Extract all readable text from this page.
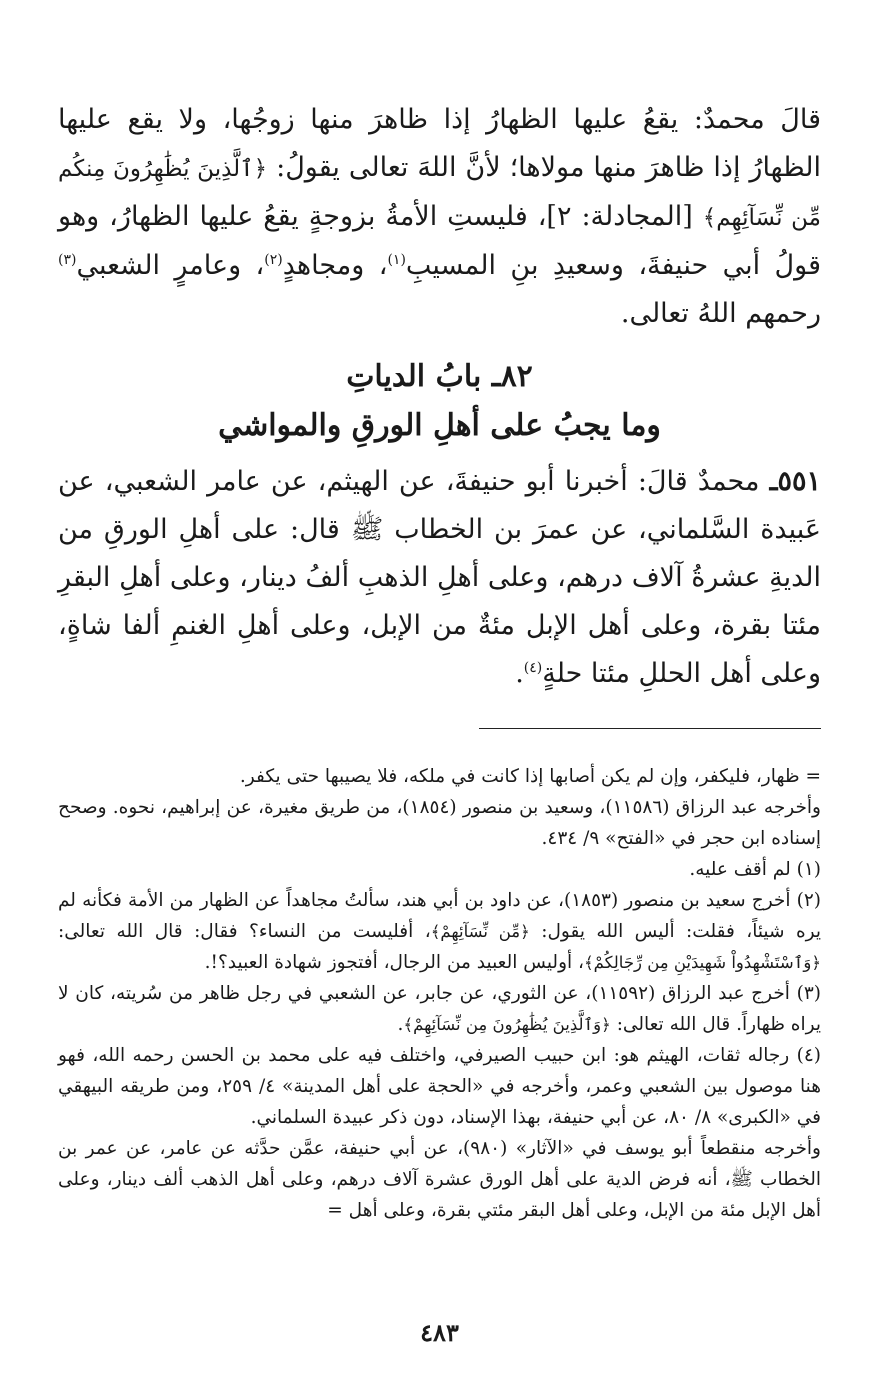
قالَ محمدٌ: يقعُ عليها الظهارُ إذا ظاهرَ منها زوجُها، ولا يقع عليها الظهارُ إذا ظاهرَ منها مولاها؛ لأنَّ اللهَ تعالى يقولُ: ﴿ٱلَّذِينَ يُظَٰهِرُونَ مِنكُم مِّن نِّسَآئِهِم﴾ [المجادلة: ٢]، فليستِ الأمةُ بزوجةٍ يقعُ عليها الظهارُ، وهو قولُ أبي حنيفةَ، وسعيدِ بنِ المسيبِ$^{(١)}$، ومجاهدٍ$^{(٢)}$، وعامرٍ الشعبي$^{(٣)}$ رحمهم اللهُ تعالى.

٨٢ـ بابُ الدياتِ
وما يجبُ على أهلِ الورقِ والمواشي

٥٥١ـ محمدٌ قالَ: أخبرنا أبو حنيفةَ، عن الهيثم، عن عامر الشعبي، عن عَبيدة السَّلماني، عن عمرَ بن الخطاب ﷺ قال: على أهلِ الورقِ من الديةِ عشرةُ آلاف درهم، وعلى أهلِ الذهبِ ألفُ دينار، وعلى أهلِ البقرِ مئتا بقرة، وعلى أهل الإبل مئةٌ من الإبل، وعلى أهلِ الغنمِ ألفا شاةٍ، وعلى أهل الحللِ مئتا حلةٍ$^{(٤)}$.

= ظهار، فليكفر، وإن لم يكن أصابها إذا كانت في ملكه، فلا يصيبها حتى يكفر.

وأخرجه عبد الرزاق (١١٥٨٦)، وسعيد بن منصور (١٨٥٤)، من طريق مغيرة، عن إبراهيم، نحوه. وصحح إسناده ابن حجر في «الفتح» ٩/ ٤٣٤.

(١) لم أقف عليه.

(٢) أخرج سعيد بن منصور (١٨٥٣)، عن داود بن أبي هند، سألتُ مجاهداً عن الظهار من الأمة فكأنه لم يره شيئاً، فقلت: أليس الله يقول: ﴿مِّن نِّسَآئِهِمْ﴾، أفليست من النساء؟ فقال: قال الله تعالى: ﴿وَٱسْتَشْهِدُواْ شَهِيدَيْنِ مِن رِّجَالِكُمْ﴾، أوليس العبيد من الرجال، أفتجوز شهادة العبيد؟!.

(٣) أخرج عبد الرزاق (١١٥٩٢)، عن الثوري، عن جابر، عن الشعبي في رجل ظاهر من سُريته، كان لا يراه ظهاراً. قال الله تعالى: ﴿وَٱلَّذِينَ يُظَٰهِرُونَ مِن نِّسَآئِهِمْ﴾.

(٤) رجاله ثقات، الهيثم هو: ابن حبيب الصيرفي، واختلف فيه على محمد بن الحسن رحمه الله، فهو هنا موصول بين الشعبي وعمر، وأخرجه في «الحجة على أهل المدينة» ٤/ ٢٥٩، ومن طريقه البيهقي في «الكبرى» ٨/ ٨٠، عن أبي حنيفة، بهذا الإسناد، دون ذكر عبيدة السلماني.

وأخرجه منقطعاً أبو يوسف في «الآثار» (٩٨٠)، عن أبي حنيفة، عمَّن حدَّثه عن عامر، عن عمر بن الخطاب ﷺ، أنه فرض الدية على أهل الورق عشرة آلاف درهم، وعلى أهل الذهب ألف دينار، وعلى أهل الإبل مئة من الإبل، وعلى أهل البقر مئتي بقرة، وعلى أهل =

٤٨٣
